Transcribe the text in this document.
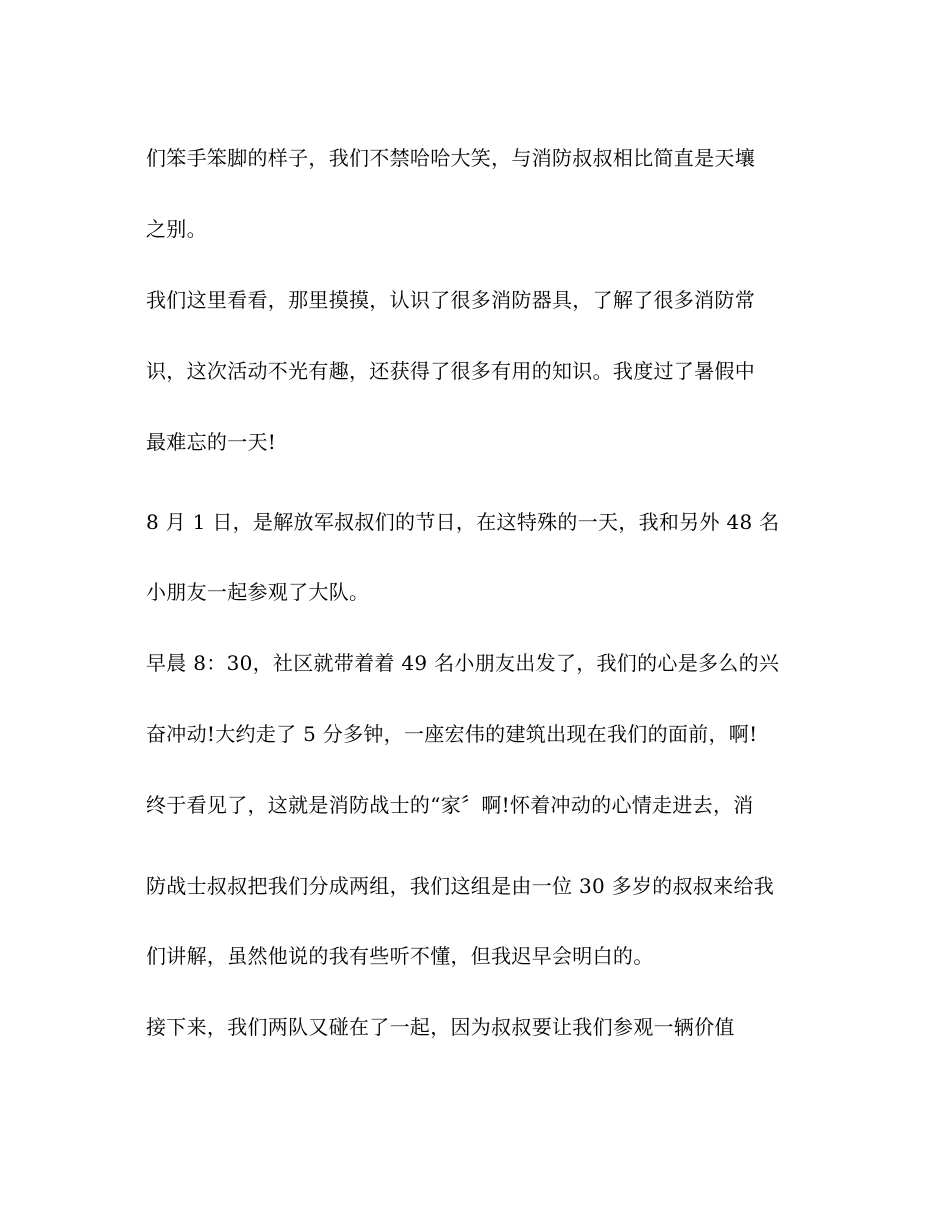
们笨手笨脚的样子，我们不禁哈哈大笑，与消防叔叔相比简直是天壤
之别。
我们这里看看，那里摸摸，认识了很多消防器具，了解了很多消防常
识，这次活动不光有趣，还获得了很多有用的知识。我度过了暑假中
最难忘的一天!
8 月 1 日，是解放军叔叔们的节日，在这特殊的一天，我和另外 48 名
小朋友一起参观了大队。
早晨 8：30，社区就带着着 49 名小朋友出发了，我们的心是多么的兴
奋冲动!大约走了 5 分多钟，一座宏伟的建筑出现在我们的面前，啊!
终于看见了，这就是消防战士的“家〞啊!怀着冲动的心情走进去，消
防战士叔叔把我们分成两组，我们这组是由一位 30 多岁的叔叔来给我
们讲解，虽然他说的我有些听不懂，但我迟早会明白的。
接下来，我们两队又碰在了一起，因为叔叔要让我们参观一辆价值
